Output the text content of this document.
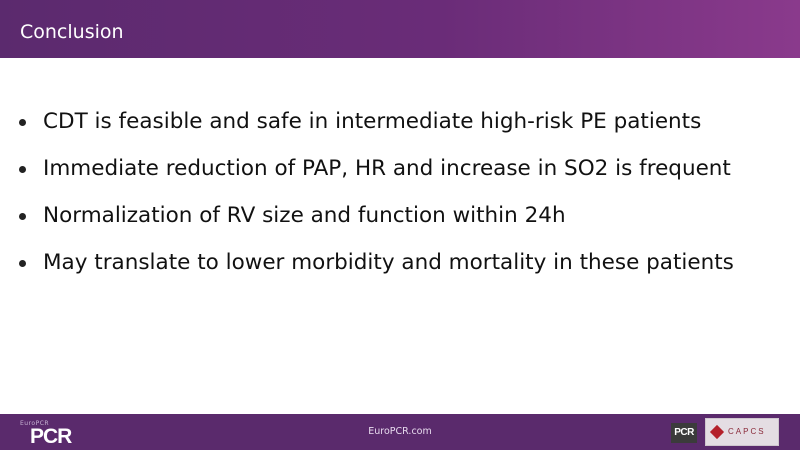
Conclusion
CDT is feasible and safe in intermediate high-risk PE patients
Immediate reduction of PAP, HR and increase in SO2 is frequent
Normalization of RV size and function within 24h
May translate to lower morbidity and mortality in these patients
EuroPCR
PCR	EuroPCR.com	PCR	CAPCS
